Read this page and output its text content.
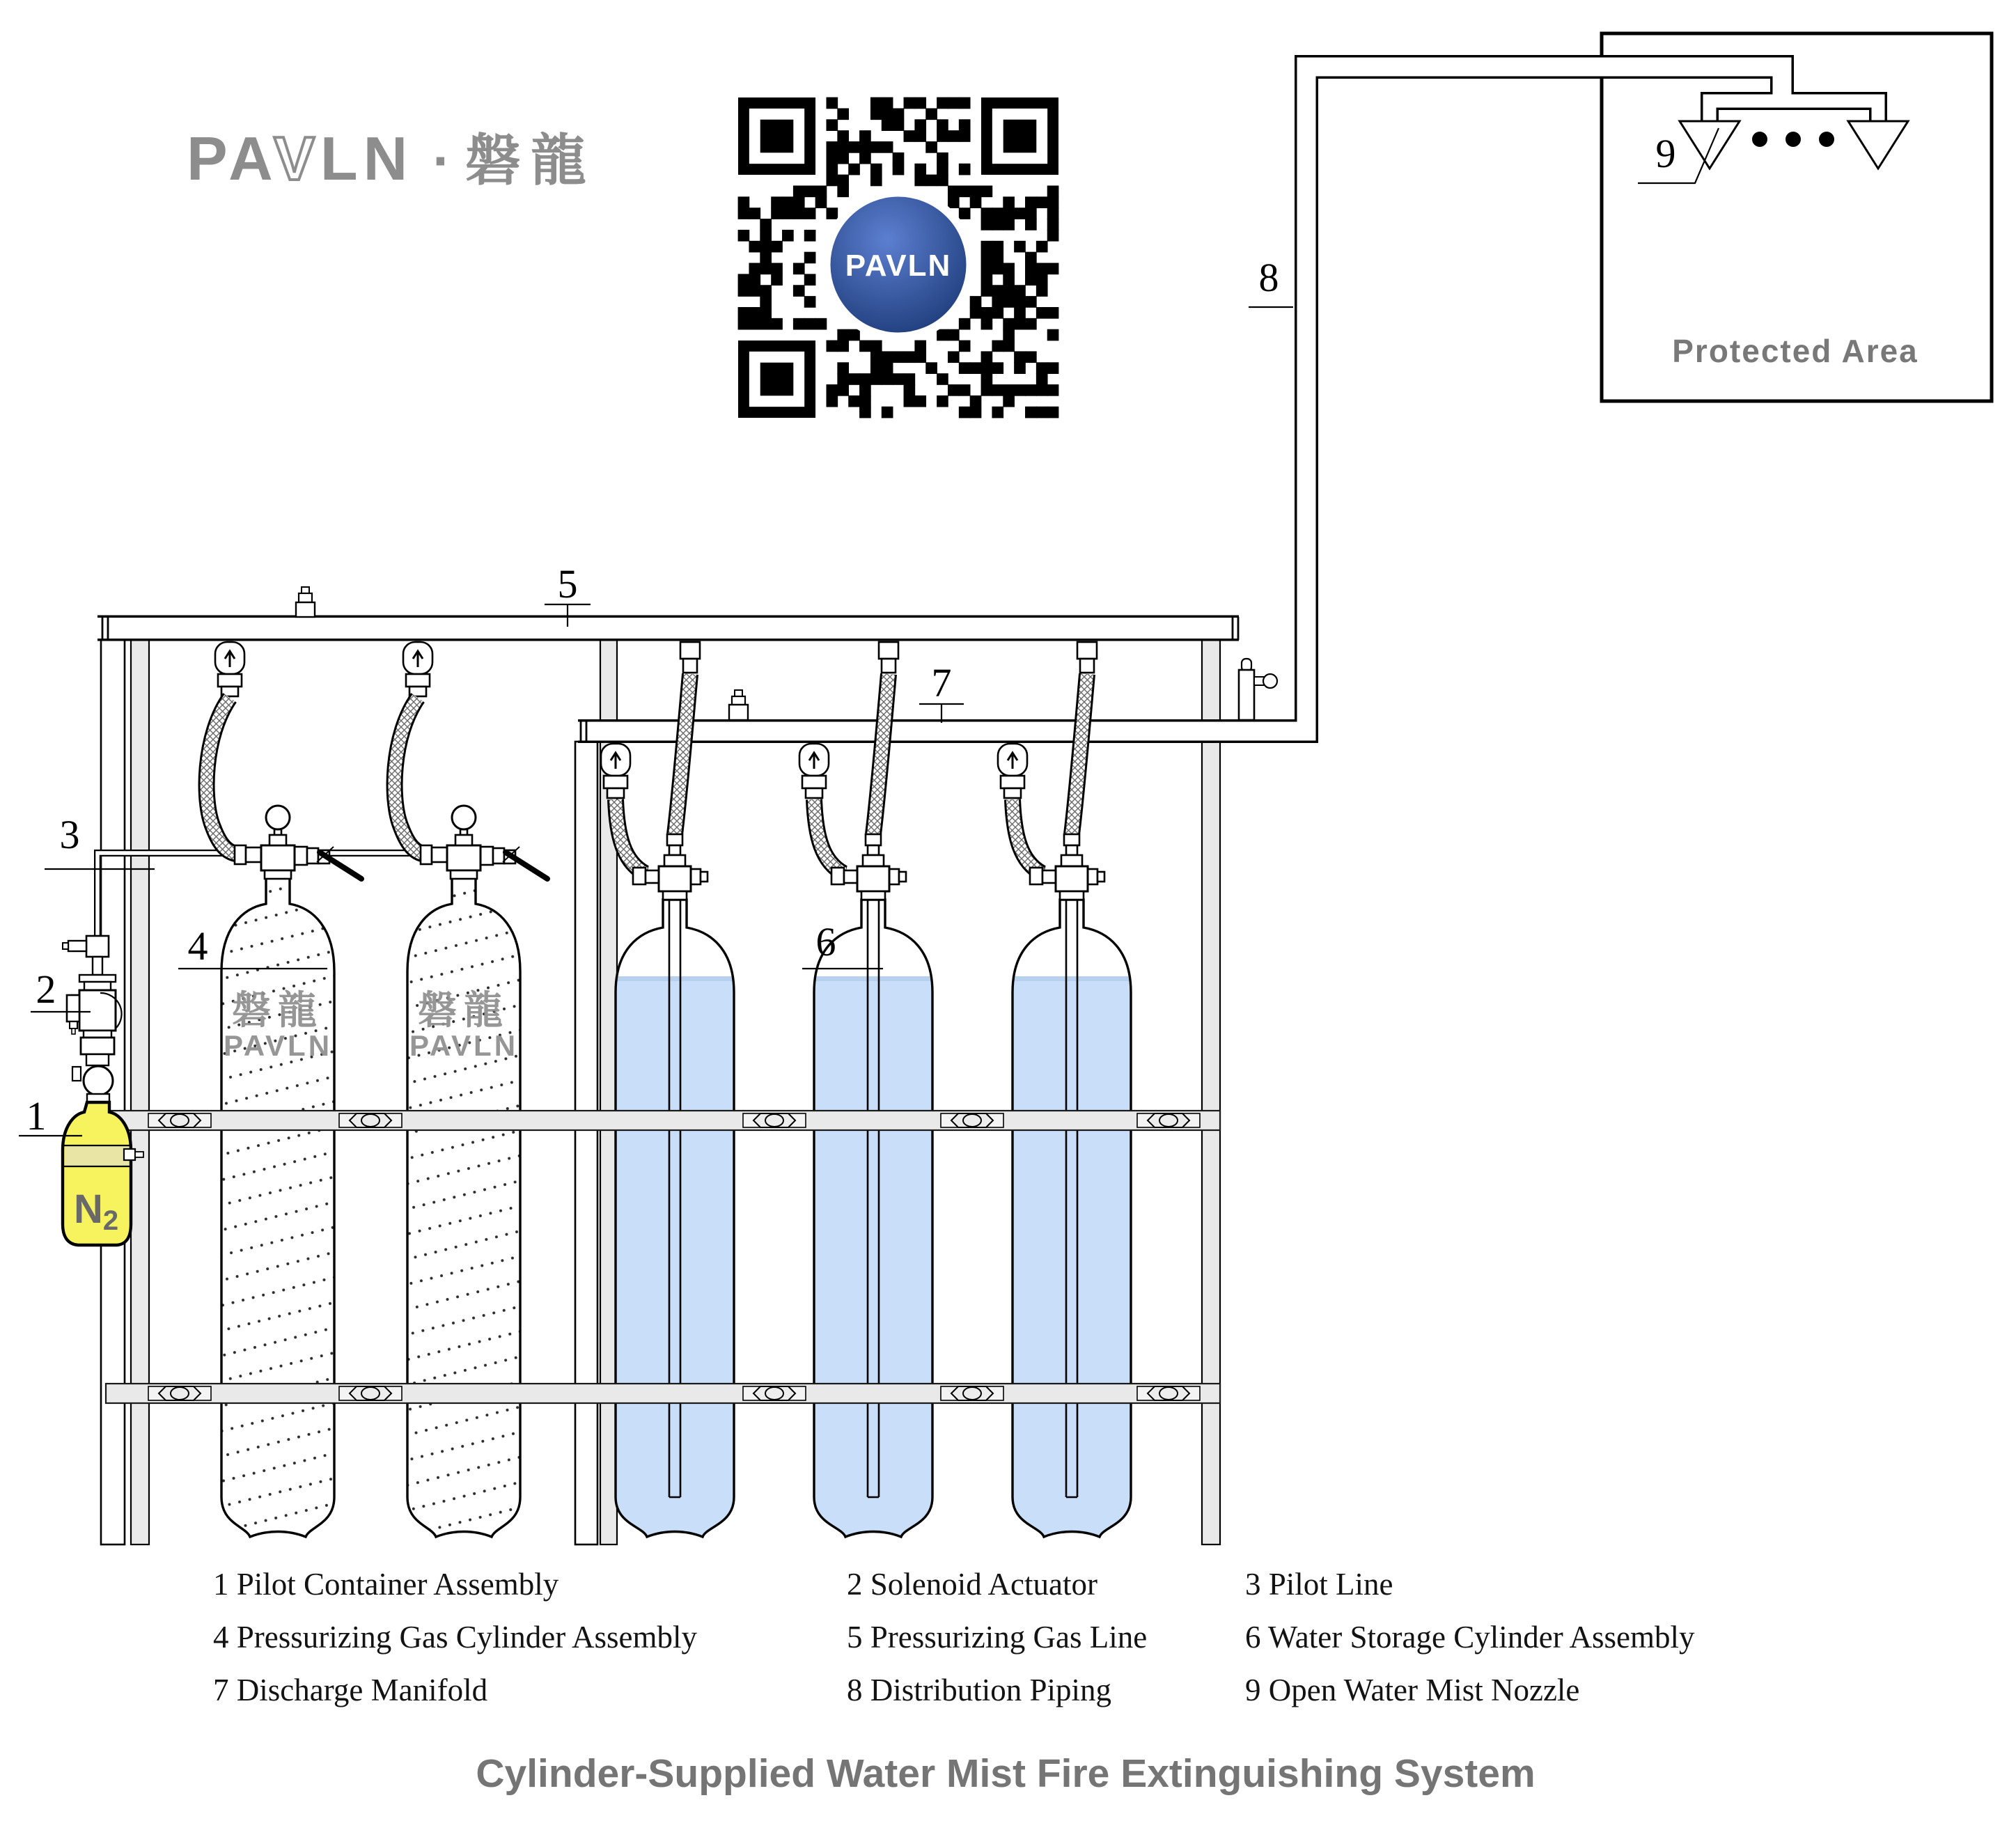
磐龍
PAVLN
磐龍
PAVLN
N2
Protected Area
1
2
3
4
5
6
7
8
9
PAVLN ·磐龍
PAVLN
1 Pilot Container Assembly	2 Solenoid Actuator	3 Pilot Line
4 Pressurizing Gas Cylinder Assembly	5 Pressurizing Gas Line	6 Water Storage Cylinder Assembly
7 Discharge Manifold	8 Distribution Piping	9 Open Water Mist Nozzle
Cylinder-Supplied Water Mist Fire Extinguishing System
